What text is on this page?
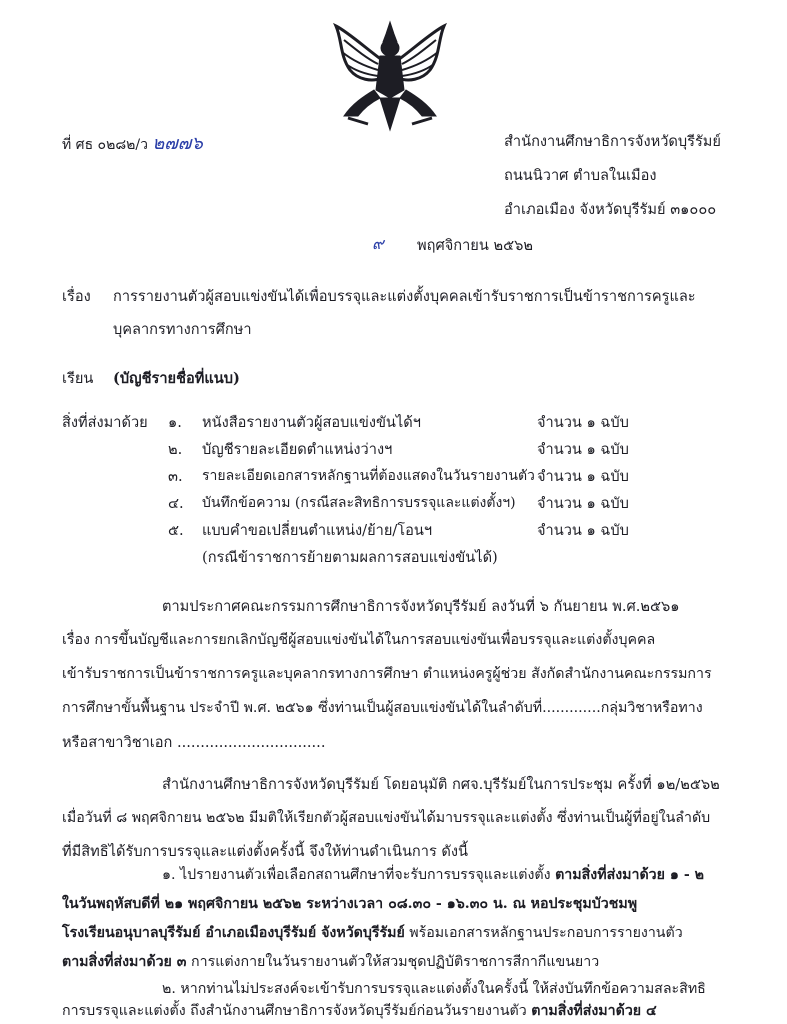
ที่ ศธ ๐๒๘๒/ว ๒๗๗๖	สำนักงานศึกษาธิการจังหวัดบุรีรัมย์
ถนนนิวาศ ตำบลในเมือง
อำเภอเมือง จังหวัดบุรีรัมย์ ๓๑๐๐๐
๙ พฤศจิกายน ๒๕๖๒
เรื่อง การรายงานตัวผู้สอบแข่งขันได้เพื่อบรรจุและแต่งตั้งบุคคลเข้ารับราชการเป็นข้าราชการครูและ
บุคลากรทางการศึกษา
เรียน (บัญชีรายชื่อที่แนบ)
สิ่งที่ส่งมาด้วย ๑. หนังสือรายงานตัวผู้สอบแข่งขันได้ฯ	จำนวน ๑ ฉบับ
๒. บัญชีรายละเอียดตำแหน่งว่างฯ	จำนวน ๑ ฉบับ
๓. รายละเอียดเอกสารหลักฐานที่ต้องแสดงในวันรายงานตัว จำนวน ๑ ฉบับ
๔. บันทึกข้อความ (กรณีสละสิทธิการบรรจุและแต่งตั้งฯ) จำนวน ๑ ฉบับ
๕. แบบคำขอเปลี่ยนตำแหน่ง/ย้าย/โอนฯ	จำนวน ๑ ฉบับ
(กรณีข้าราชการย้ายตามผลการสอบแข่งขันได้)
ตามประกาศคณะกรรมการศึกษาธิการจังหวัดบุรีรัมย์ ลงวันที่ ๖ กันยายน พ.ศ.๒๕๖๑
เรื่อง การขึ้นบัญชีและการยกเลิกบัญชีผู้สอบแข่งขันได้ในการสอบแข่งขันเพื่อบรรจุและแต่งตั้งบุคคล
เข้ารับราชการเป็นข้าราชการครูและบุคลากรทางการศึกษา ตำแหน่งครูผู้ช่วย สังกัดสำนักงานคณะกรรมการ
การศึกษาขั้นพื้นฐาน ประจำปี พ.ศ. ๒๕๖๑ ซึ่งท่านเป็นผู้สอบแข่งขันได้ในลำดับที่.............กลุ่มวิชาหรือทาง
หรือสาขาวิชาเอก ................................
สำนักงานศึกษาธิการจังหวัดบุรีรัมย์ โดยอนุมัติ กศจ.บุรีรัมย์ในการประชุม ครั้งที่ ๑๒/๒๕๖๒
เมื่อวันที่ ๘ พฤศจิกายน ๒๕๖๒ มีมติให้เรียกตัวผู้สอบแข่งขันได้มาบรรจุและแต่งตั้ง ซึ่งท่านเป็นผู้ที่อยู่ในลำดับ
ที่มีสิทธิได้รับการบรรจุและแต่งตั้งครั้งนี้ จึงให้ท่านดำเนินการ ดังนี้
๑. ไปรายงานตัวเพื่อเลือกสถานศึกษาที่จะรับการบรรจุและแต่งตั้ง ตามสิ่งที่ส่งมาด้วย ๑ - ๒
ในวันพฤหัสบดีที่ ๒๑ พฤศจิกายน ๒๕๖๒ ระหว่างเวลา ๐๘.๓๐ - ๑๖.๓๐ น. ณ หอประชุมบัวชมพู
โรงเรียนอนุบาลบุรีรัมย์ อำเภอเมืองบุรีรัมย์ จังหวัดบุรีรัมย์ พร้อมเอกสารหลักฐานประกอบการรายงานตัว
ตามสิ่งที่ส่งมาด้วย ๓ การแต่งกายในวันรายงานตัวให้สวมชุดปฏิบัติราชการสีกากีแขนยาว
๒. หากท่านไม่ประสงค์จะเข้ารับการบรรจุและแต่งตั้งในครั้งนี้ ให้ส่งบันทึกข้อความสละสิทธิ
การบรรจุและแต่งตั้ง ถึงสำนักงานศึกษาธิการจังหวัดบุรีรัมย์ก่อนวันรายงานตัว ตามสิ่งที่ส่งมาด้วย ๔
